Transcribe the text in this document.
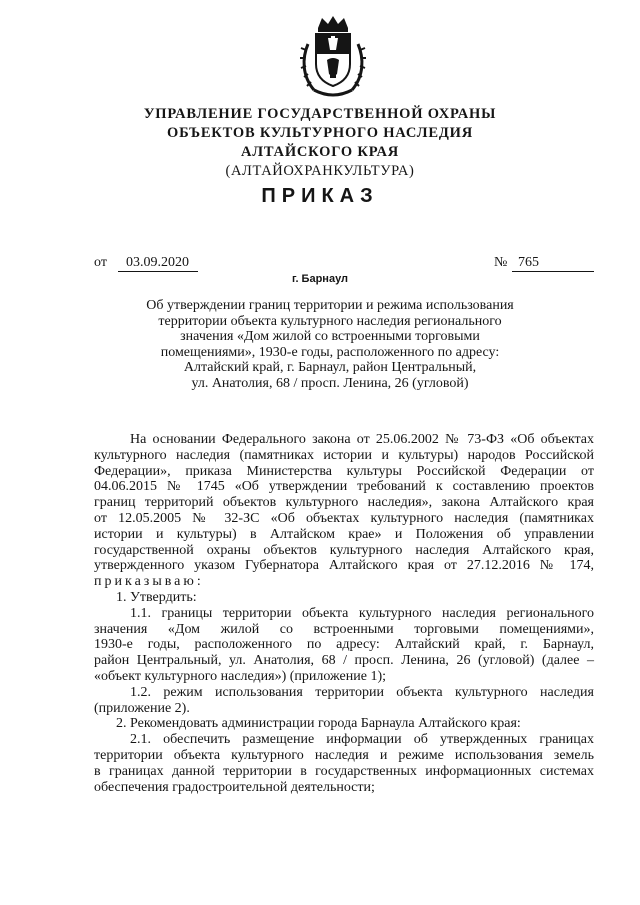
УПРАВЛЕНИЕ ГОСУДАРСТВЕННОЙ ОХРАНЫ
ОБЪЕКТОВ КУЛЬТУРНОГО НАСЛЕДИЯ
АЛТАЙСКОГО КРАЯ
(АЛТАЙОХРАНКУЛЬТУРА)
ПРИКАЗ
от	03.09.2020	№ 765
г. Барнаул
Об утверждении границ территории и режима использования
территории объекта культурного наследия регионального
значения «Дом жилой со встроенными торговыми
помещениями», 1930-е годы, расположенного по адресу:
Алтайский край, г. Барнаул, район Центральный,
ул. Анатолия, 68 / просп. Ленина, 26 (угловой)
На основании Федерального закона от 25.06.2002 № 73-ФЗ «Об объектах
культурного наследия (памятниках истории и культуры) народов Российской
Федерации», приказа Министерства культуры Российской Федерации от
04.06.2015 № 1745 «Об утверждении требований к составлению проектов
границ территорий объектов культурного наследия», закона Алтайского края
от 12.05.2005 № 32-ЗС «Об объектах культурного наследия (памятниках
истории и культуры) в Алтайском крае» и Положения об управлении
государственной охраны объектов культурного наследия Алтайского края,
утвержденного указом Губернатора Алтайского края от 27.12.2016 № 174,
приказываю:
1. Утвердить:
1.1. границы территории объекта культурного наследия регионального
значения «Дом жилой со встроенными торговыми помещениями»,
1930-е годы, расположенного по адресу: Алтайский край, г. Барнаул,
район Центральный, ул. Анатолия, 68 / просп. Ленина, 26 (угловой) (далее –
«объект культурного наследия») (приложение 1);
1.2. режим использования территории объекта культурного наследия
(приложение 2).
2. Рекомендовать администрации города Барнаула Алтайского края:
2.1. обеспечить размещение информации об утвержденных границах
территории объекта культурного наследия и режиме использования земель
в границах данной территории в государственных информационных системах
обеспечения градостроительной деятельности;
